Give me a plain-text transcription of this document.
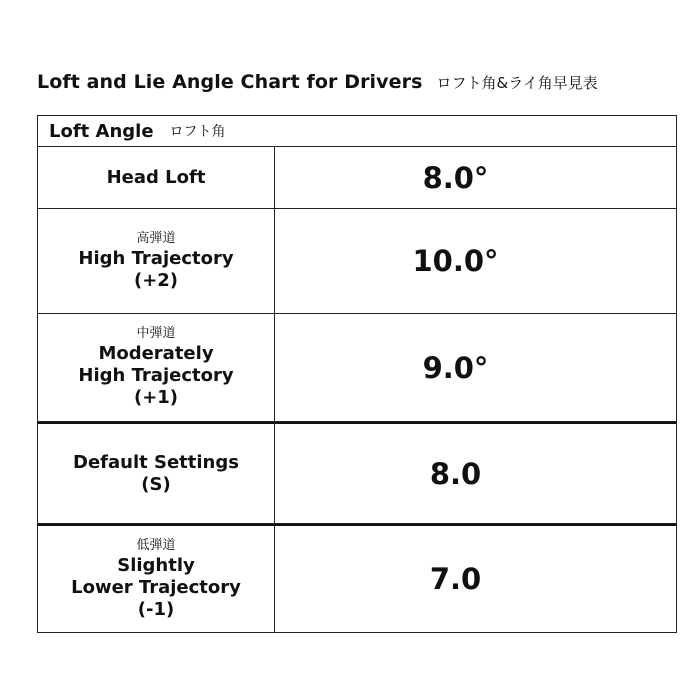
Loft and Lie Angle Chart for Drivers ロフト角&ライ角早見表
Loft Angle ロフト角
Head Loft	8.0°
高弾道
High Trajectory
(+2)
10.0°
中弾道
Moderately
High Trajectory
(+1)
9.0°
Default Settings
(S)	8.0
低弾道
Slightly
Lower Trajectory
(-1)
7.0
